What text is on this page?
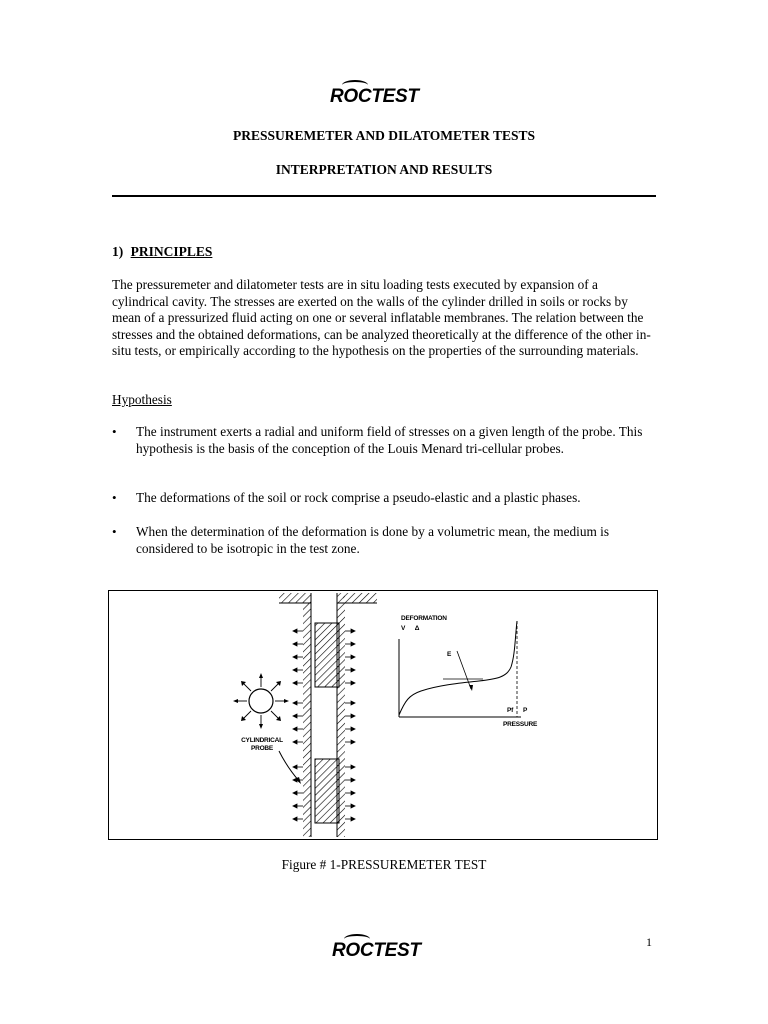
ROCTEST
PRESSUREMETER AND DILATOMETER TESTS
INTERPRETATION AND RESULTS
1) PRINCIPLES
The pressuremeter and dilatometer tests are in situ loading tests executed by expansion of a cylindrical cavity. The stresses are exerted on the walls of the cylinder drilled in soils or rocks by mean of a pressurized fluid acting on one or several inflatable membranes. The relation between the stresses and the obtained deformations, can be analyzed theoretically at the difference of the other in-situ tests, or empirically according to the hypothesis on the properties of the surrounding materials.
Hypothesis
•	The instrument exerts a radial and uniform field of stresses on a given length of the probe. This hypothesis is the basis of the conception of the Louis Menard tri-cellular probes.
•	The deformations of the soil or rock comprise a pseudo-elastic and a plastic phases.
•	When the determination of the deformation is done by a volumetric mean, the medium is considered to be isotropic in the test zone.
CYLINDRICAL
PROBE
DEFORMATION
V Δ
E
Pf P
PRESSURE
Figure # 1-PRESSUREMETER TEST
1
ROCTEST
